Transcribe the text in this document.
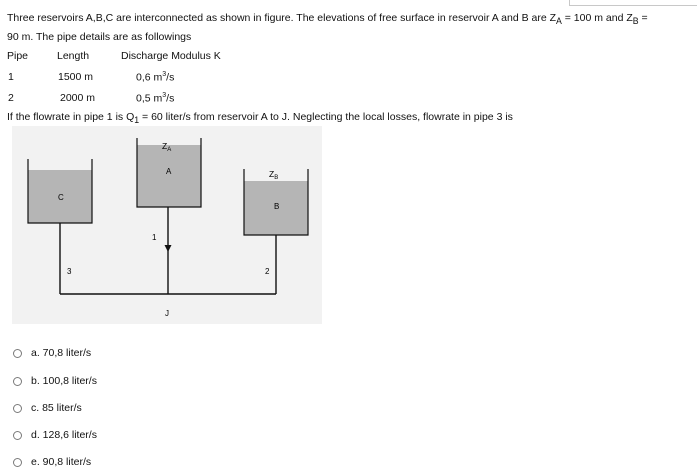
Three reservoirs A,B,C are interconnected as shown in figure. The elevations of free surface in reservoir A and B are $Z_A = 100$ m and $Z_B$ =
90 m. The pipe details are as followings
Pipe	Length	Discharge Modulus K
1	1500 m	0,6 $m^3/s$
2	2000 m	0,5 $m^3/s$
If the flowrate in pipe 1 is $Q_1 = 60$ liter/s from reservoir A to J. Neglecting the local losses, flowrate in pipe 3 is
$Z_A$
$Z_B$
A
B
C
1
2
3
J
a. 70,8 liter/s
b. 100,8 liter/s
c. 85 liter/s
d. 128,6 liter/s
e. 90,8 liter/s
